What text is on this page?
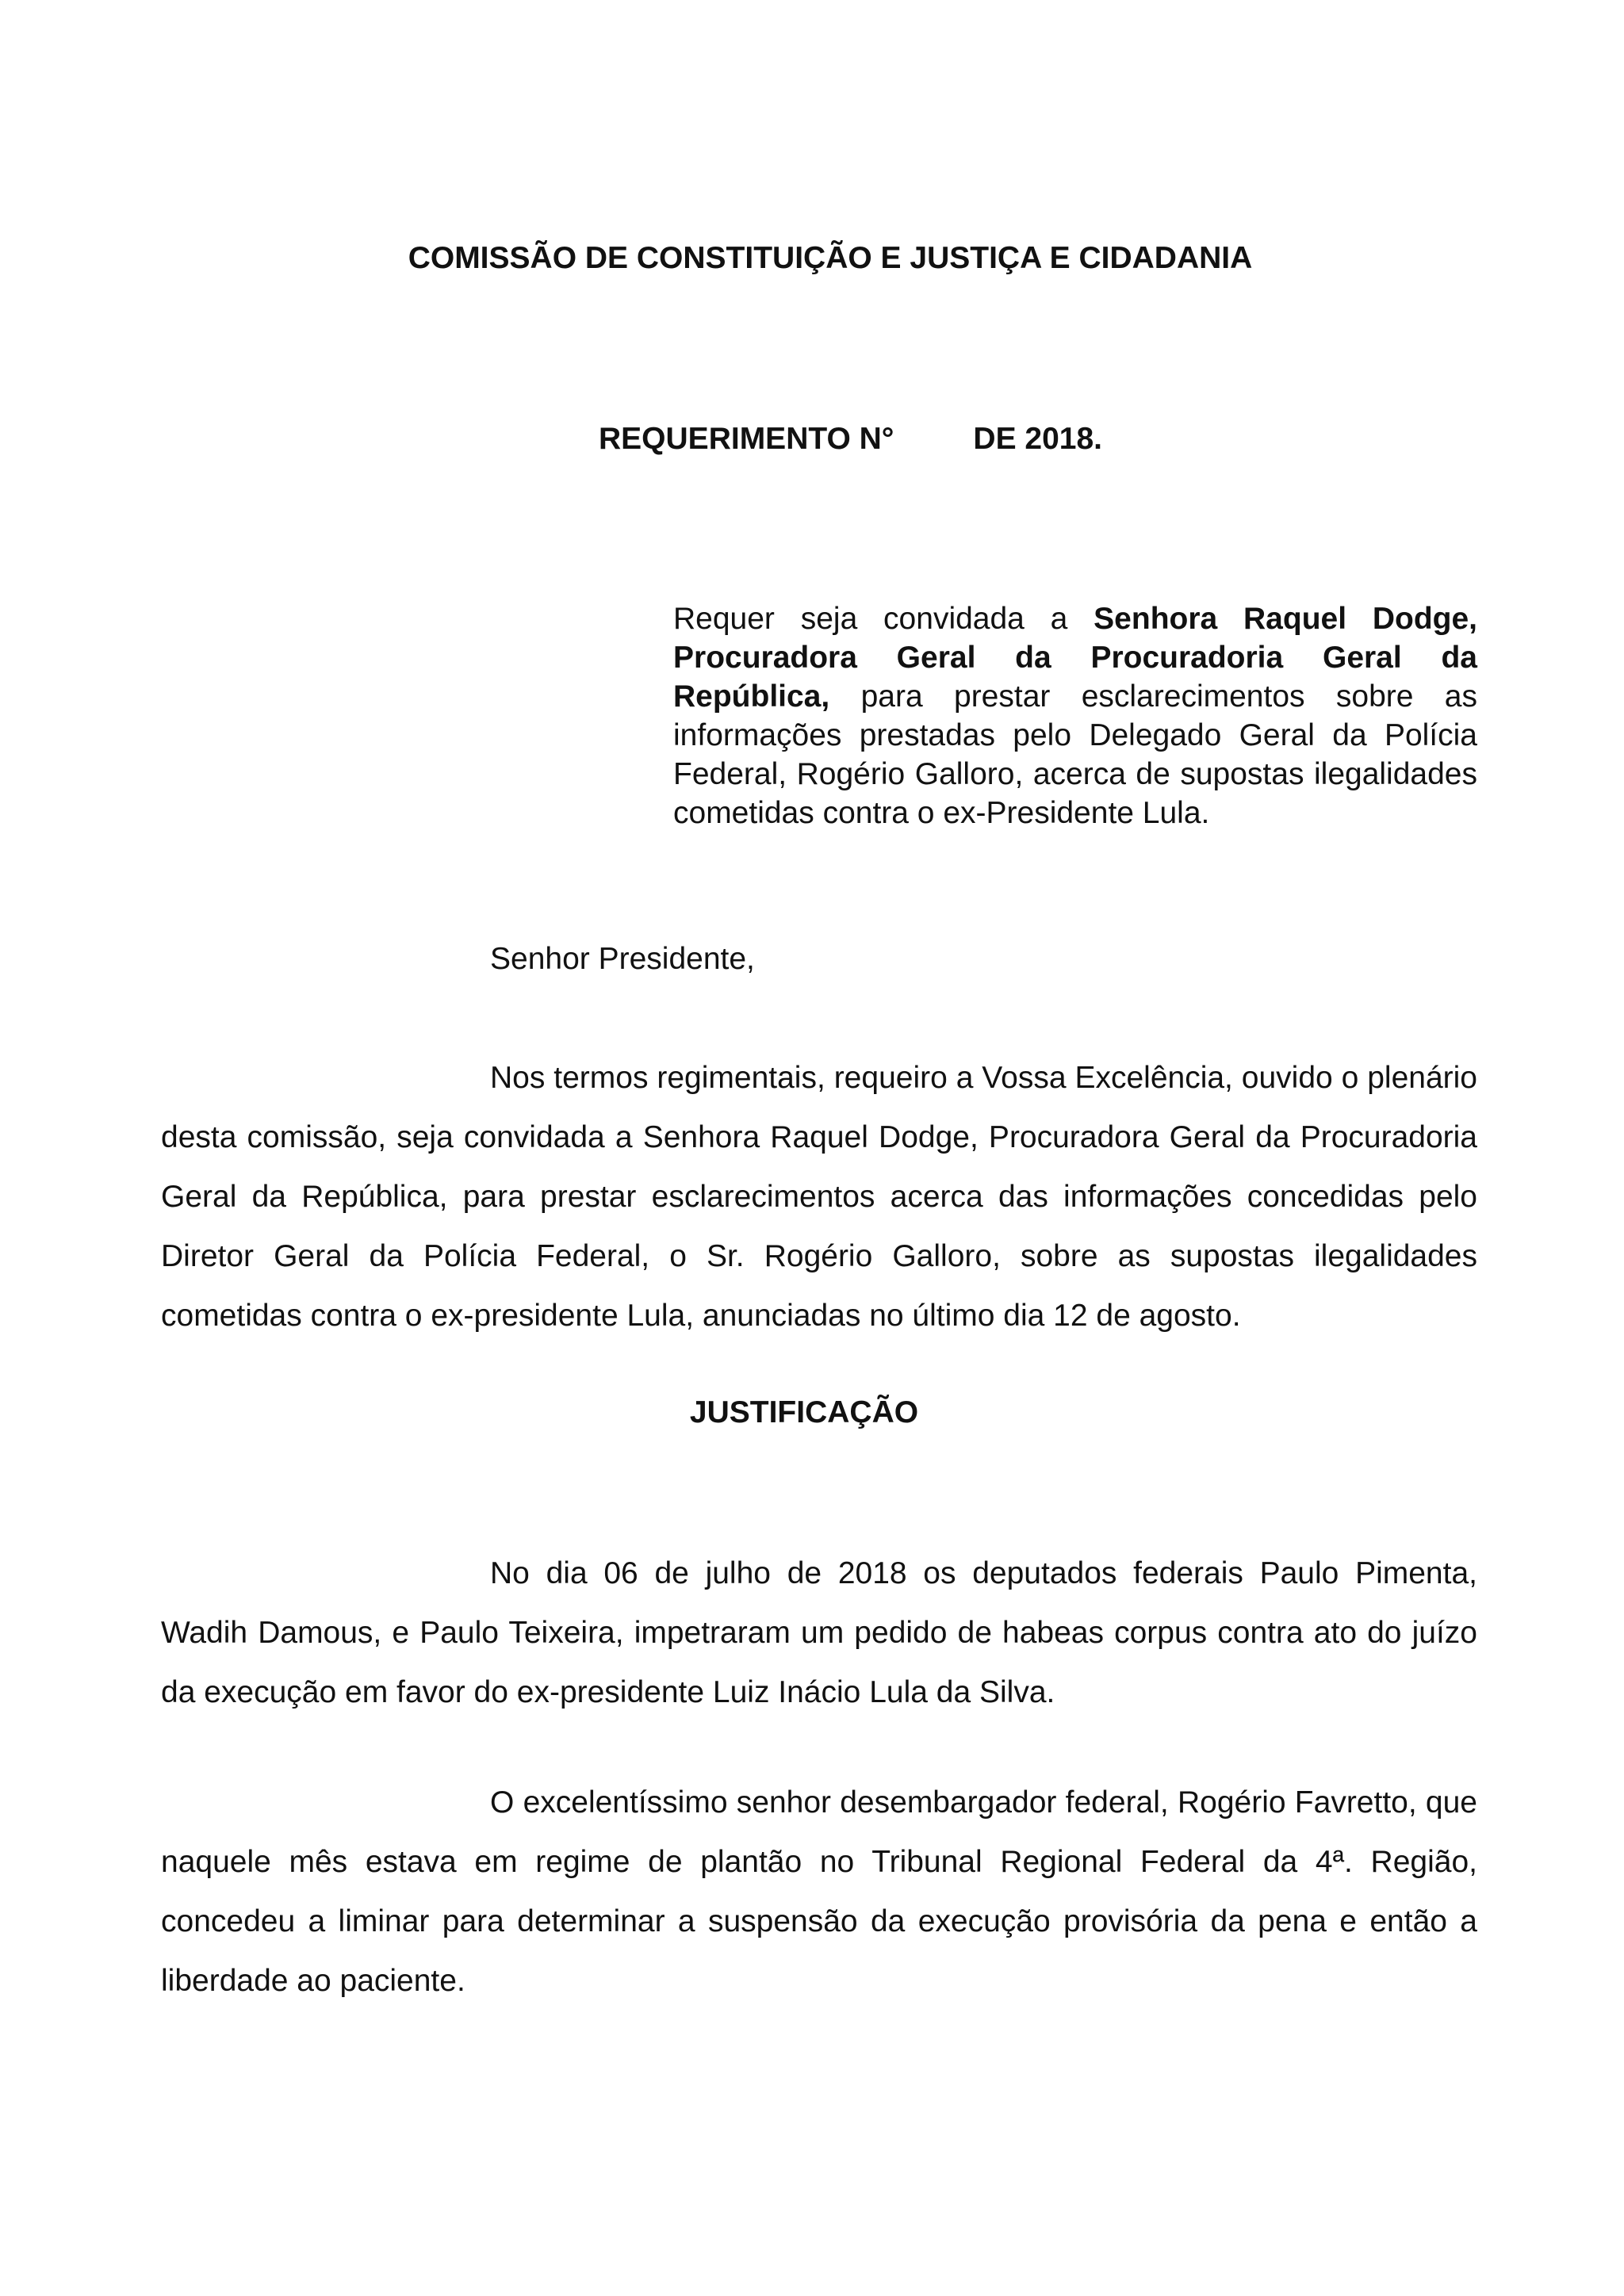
COMISSÃO DE CONSTITUIÇÃO E JUSTIÇA E CIDADANIA
REQUERIMENTO N°	DE 2018.
Requer seja convidada a Senhora Raquel Dodge, Procuradora Geral da Procuradoria Geral da República, para prestar esclarecimentos sobre as informações prestadas pelo Delegado Geral da Polícia Federal, Rogério Galloro, acerca de supostas ilegalidades cometidas contra o ex-Presidente Lula.
Senhor Presidente,

Nos termos regimentais, requeiro a Vossa Excelência, ouvido o plenário desta comissão, seja convidada a Senhora Raquel Dodge, Procuradora Geral da Procuradoria Geral da República, para prestar esclarecimentos acerca das informações concedidas pelo Diretor Geral da Polícia Federal, o Sr. Rogério Galloro, sobre as supostas ilegalidades cometidas contra o ex-presidente Lula, anunciadas no último dia 12 de agosto.

JUSTIFICAÇÃO

No dia 06 de julho de 2018 os deputados federais Paulo Pimenta, Wadih Damous, e Paulo Teixeira, impetraram um pedido de habeas corpus contra ato do juízo da execução em favor do ex-presidente Luiz Inácio Lula da Silva.

O excelentíssimo senhor desembargador federal, Rogério Favretto, que naquele mês estava em regime de plantão no Tribunal Regional Federal da 4ª. Região, concedeu a liminar para determinar a suspensão da execução provisória da pena e então a liberdade ao paciente.
